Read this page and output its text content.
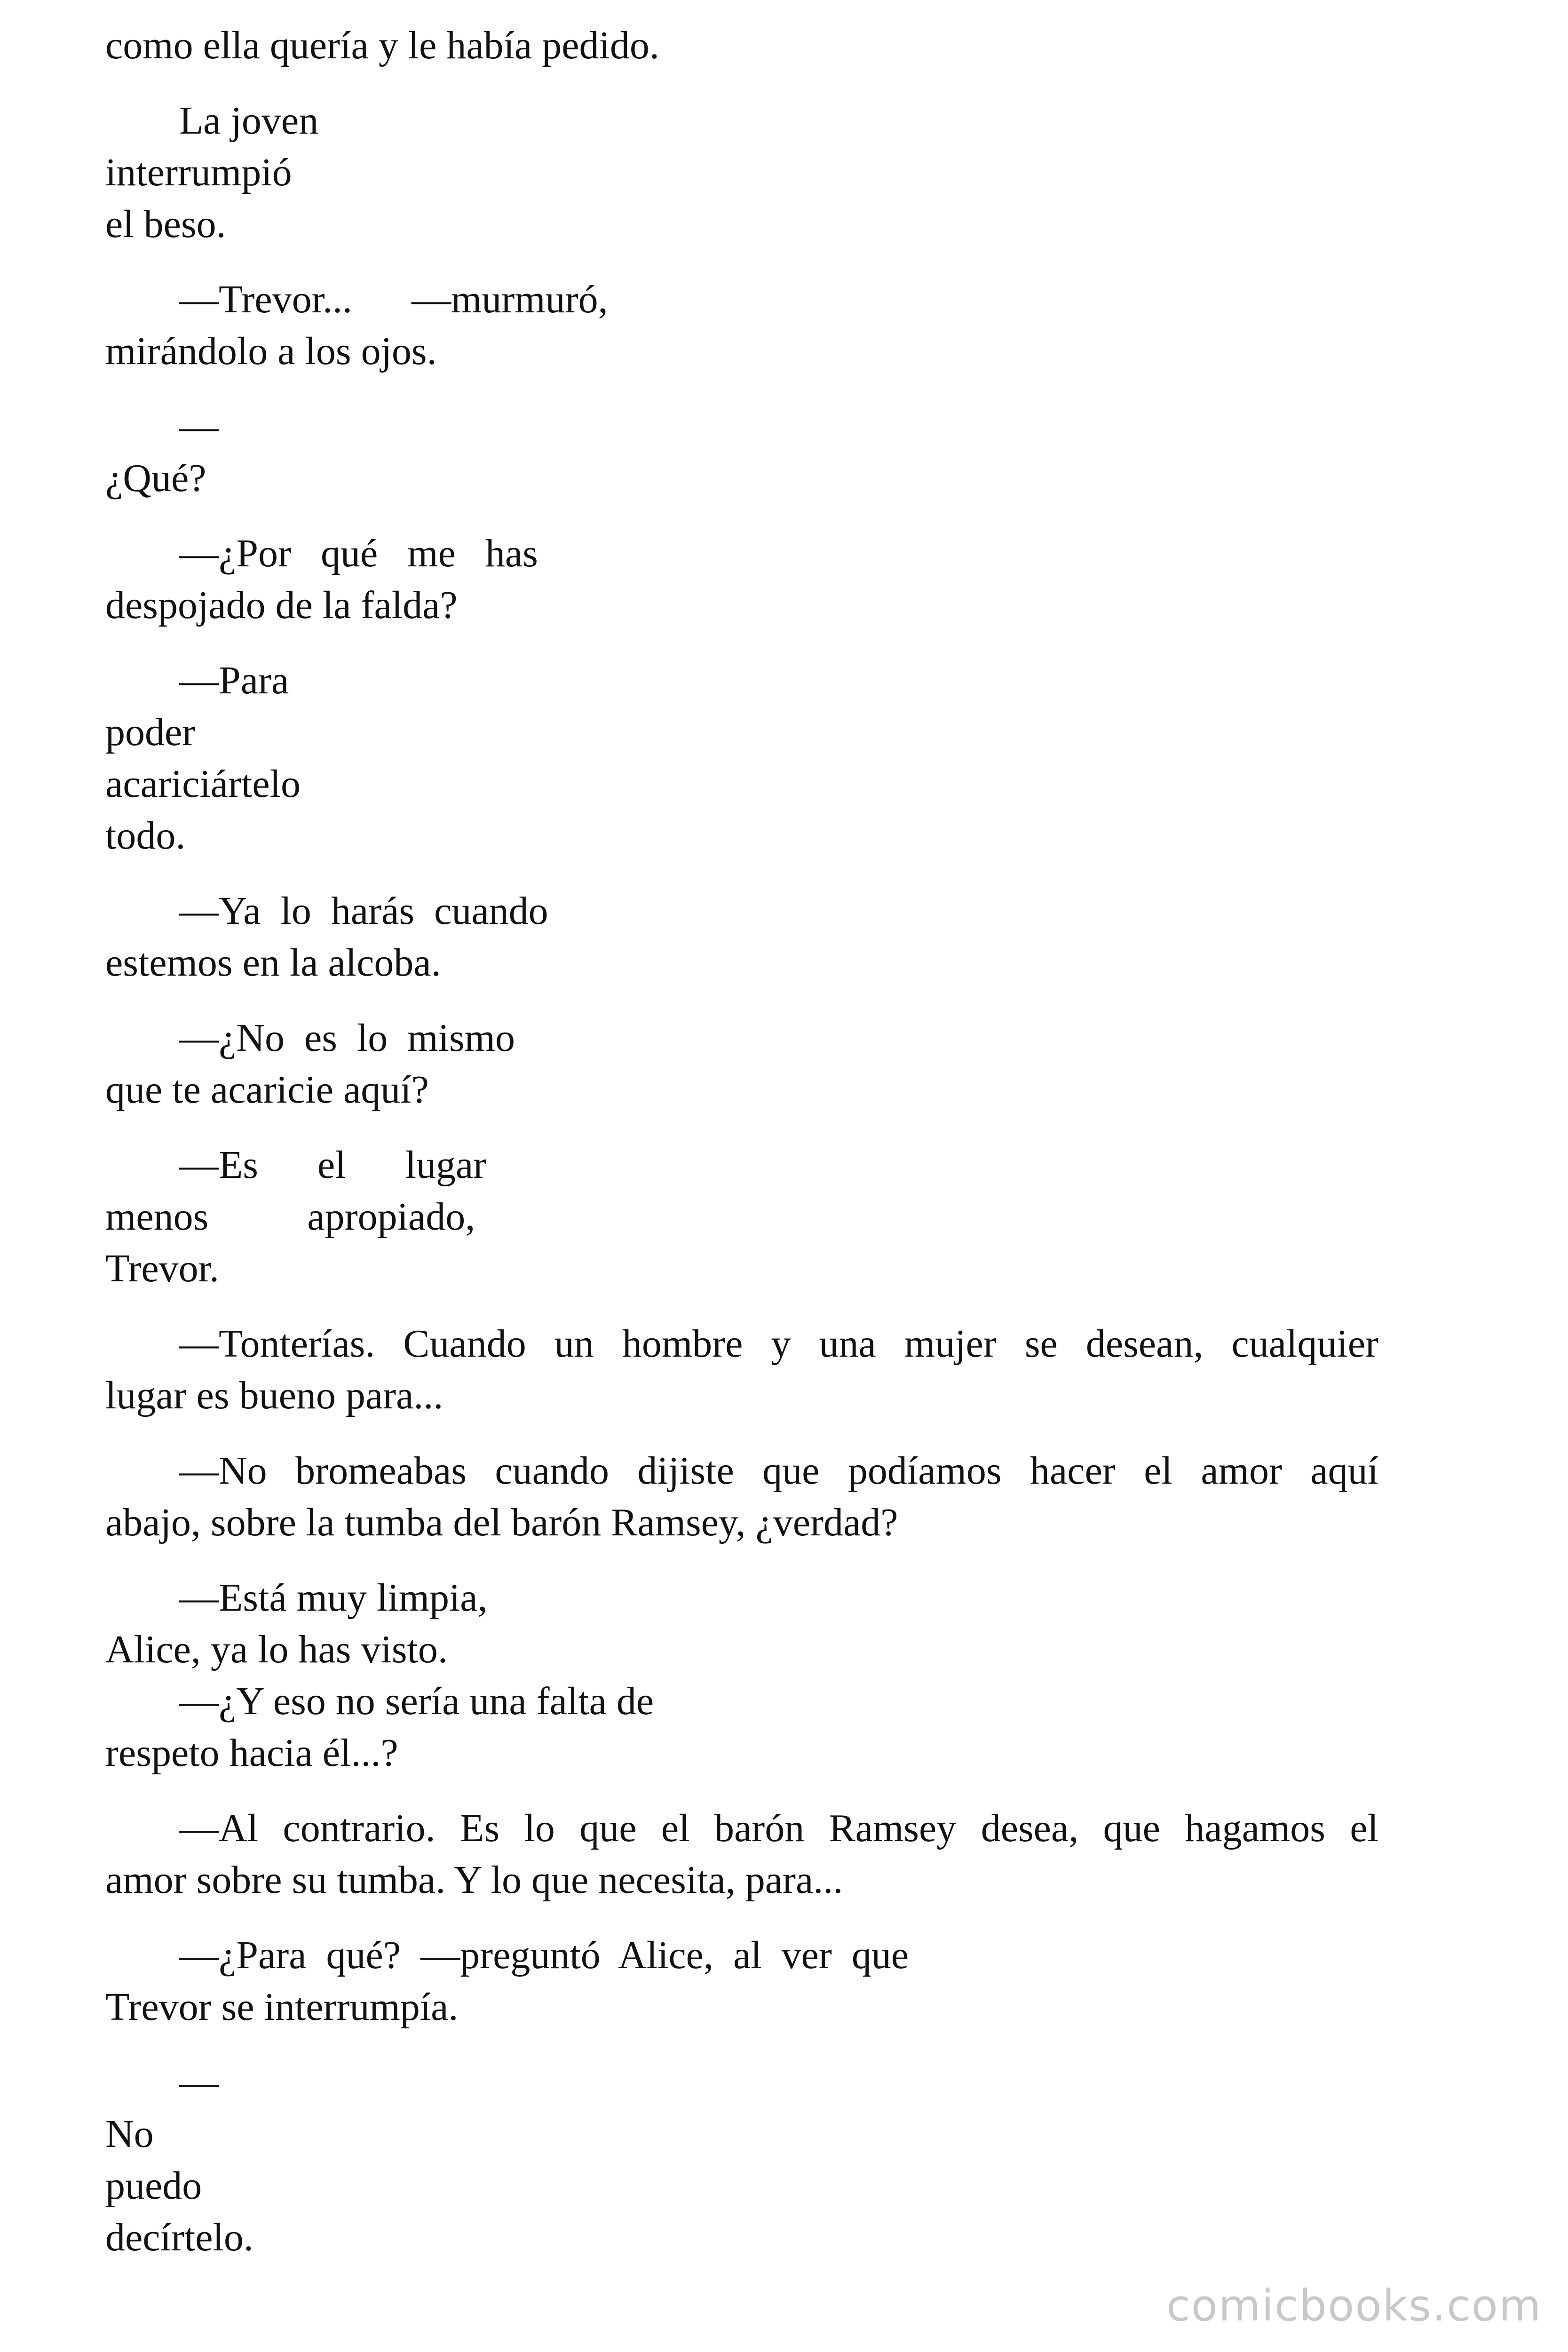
como ella quería y le había pedido.

La joven

interrumpió

el beso.

—Trevor...      —murmuró,

mirándolo a los ojos.

—

¿Qué?

—¿Por   qué   me   has

despojado de la falda?

—Para

poder

acariciártelo

todo.

—Ya  lo  harás  cuando

estemos en la alcoba.

—¿No  es  lo  mismo

que te acaricie aquí?

—Es      el      lugar

menos          apropiado,

Trevor.

—Tonterías. Cuando un hombre y una mujer se desean, cualquier

lugar es bueno para...

—No bromeabas cuando dijiste que podíamos hacer el amor aquí

abajo, sobre la tumba del barón Ramsey, ¿verdad?

—Está muy limpia,

Alice, ya lo has visto.

—¿Y eso no sería una falta de

respeto hacia él...?

—Al contrario. Es lo que el barón Ramsey desea, que hagamos el

amor sobre su tumba. Y lo que necesita, para...

—¿Para  qué?  —preguntó  Alice,  al  ver  que

Trevor se interrumpía.

—

No

puedo

decírtelo.

comicbooks.com
